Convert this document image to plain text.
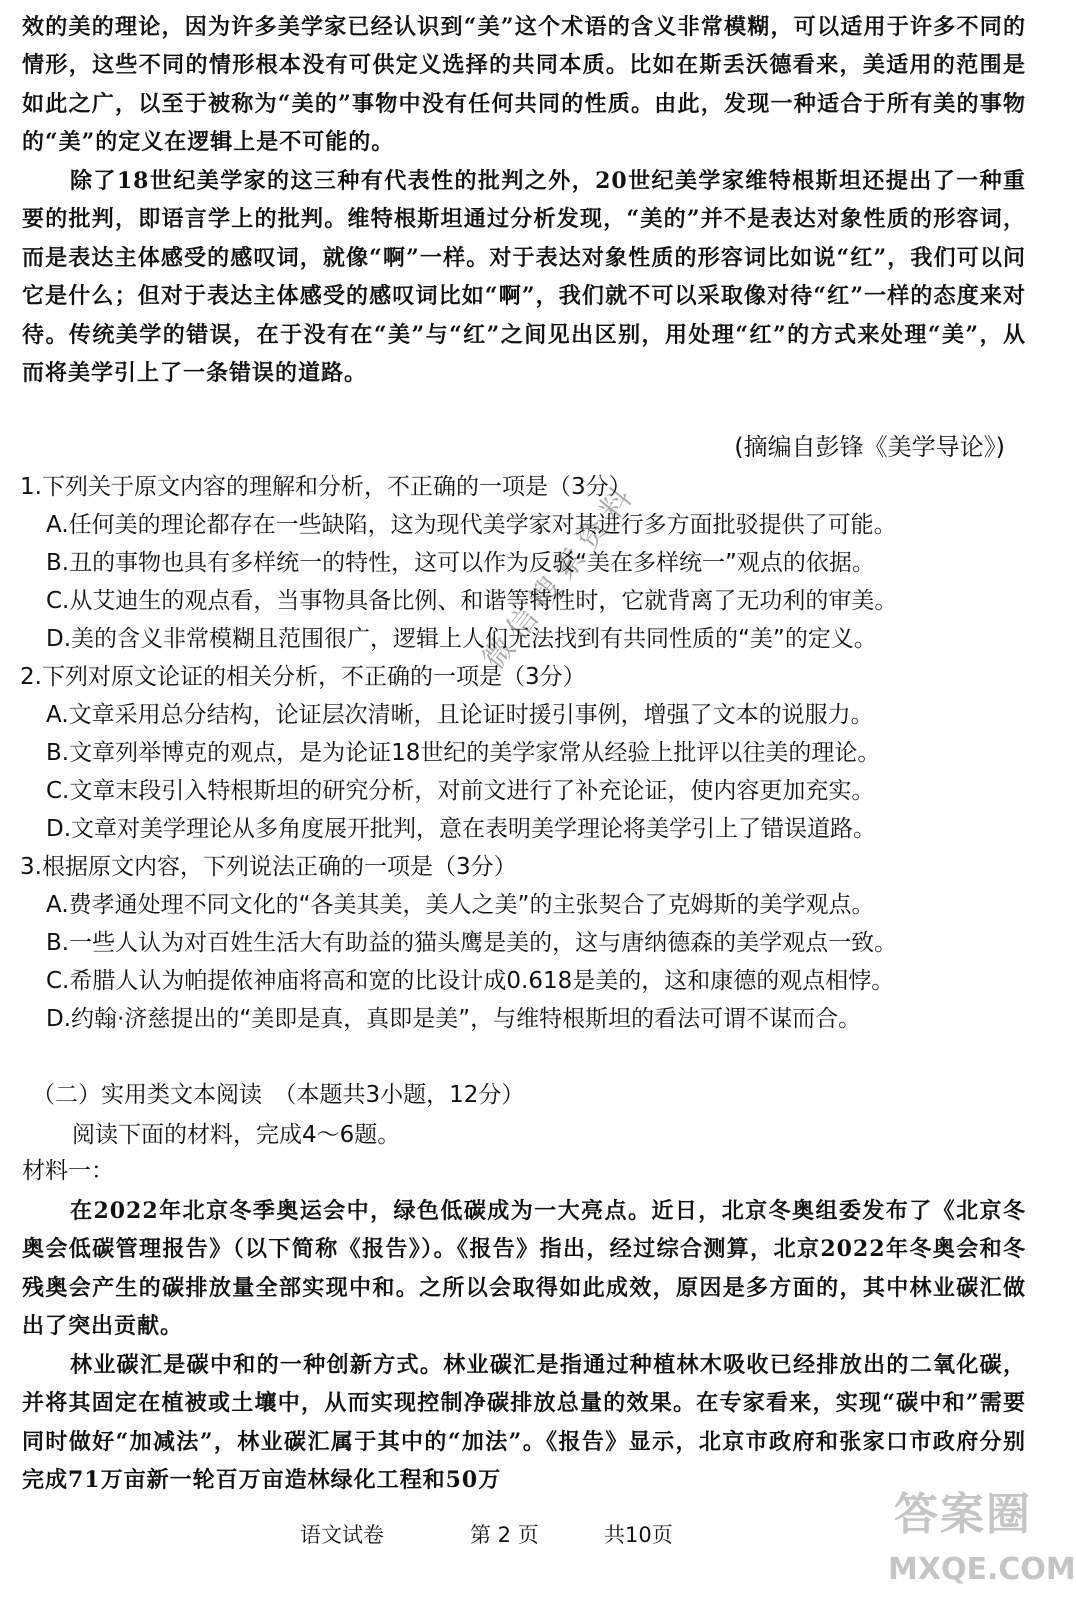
效的美的理论，因为许多美学家已经认识到“美”这个术语的含义非常模糊，可以适用于许多不同的情形，这些不同的情形根本没有可供定义选择的共同本质。比如在斯丢沃德看来，美适用的范围是如此之广，以至于被称为“美的”事物中没有任何共同的性质。由此，发现一种适合于所有美的事物的“美”的定义在逻辑上是不可能的。

除了18世纪美学家的这三种有代表性的批判之外，20世纪美学家维特根斯坦还提出了一种重要的批判，即语言学上的批判。维特根斯坦通过分析发现，“美的”并不是表达对象性质的形容词，而是表达主体感受的感叹词，就像“啊”一样。对于表达对象性质的形容词比如说“红”，我们可以问它是什么；但对于表达主体感受的感叹词比如“啊”，我们就不可以采取像对待“红”一样的态度来对待。传统美学的错误，在于没有在“美”与“红”之间见出区别，用处理“红”的方式来处理“美”，从而将美学引上了一条错误的道路。

(摘编自彭锋《美学导论》)
1.下列关于原文内容的理解和分析，不正确的一项是（3分）
A.任何美的理论都存在一些缺陷，这为现代美学家对其进行多方面批驳提供了可能。
B.丑的事物也具有多样统一的特性，这可以作为反驳“美在多样统一”观点的依据。
C.从艾迪生的观点看，当事物具备比例、和谐等特性时，它就背离了无功利的审美。
D.美的含义非常模糊且范围很广，逻辑上人们无法找到有共同性质的“美”的定义。
2.下列对原文论证的相关分析，不正确的一项是（3分）
A.文章采用总分结构，论证层次清晰，且论证时援引事例，增强了文本的说服力。
B.文章列举博克的观点，是为论证18世纪的美学家常从经验上批评以往美的理论。
C.文章末段引入特根斯坦的研究分析，对前文进行了补充论证，使内容更加充实。
D.文章对美学理论从多角度展开批判，意在表明美学理论将美学引上了错误道路。
3.根据原文内容，下列说法正确的一项是（3分）
A.费孝通处理不同文化的“各美其美，美人之美”的主张契合了克姆斯的美学观点。
B.一些人认为对百姓生活大有助益的猫头鹰是美的，这与唐纳德森的美学观点一致。
C.希腊人认为帕提侬神庙将高和宽的比设计成0.618是美的，这和康德的观点相悖。
D.约翰·济慈提出的“美即是真，真即是美”，与维特根斯坦的看法可谓不谋而合。
（二）实用类文本阅读　（本题共3小题，12分）
阅读下面的材料，完成4～6题。
材料一：

在2022年北京冬季奥运会中，绿色低碳成为一大亮点。近日，北京冬奥组委发布了《北京冬奥会低碳管理报告》（以下简称《报告》）。《报告》指出，经过综合测算，北京2022年冬奥会和冬残奥会产生的碳排放量全部实现中和。之所以会取得如此成效，原因是多方面的，其中林业碳汇做出了突出贡献。

林业碳汇是碳中和的一种创新方式。林业碳汇是指通过种植林木吸收已经排放出的二氧化碳，并将其固定在植被或土壤中，从而实现控制净碳排放总量的效果。在专家看来，实现“碳中和”需要同时做好“加减法”，林业碳汇属于其中的“加法”。《报告》显示，北京市政府和张家口市政府分别完成71万亩新一轮百万亩造林绿化工程和50万

语文试卷	第 2 页	共10页
微信搜索资料
答案圈
MXQE.COM
